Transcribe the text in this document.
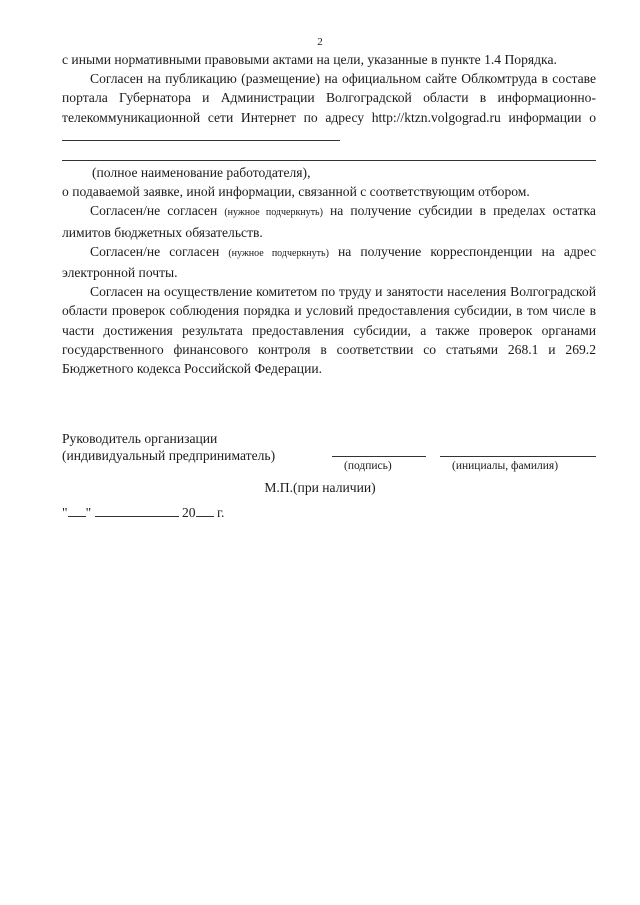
2

с иными нормативными правовыми актами на цели, указанные в пункте 1.4 Порядка.

Согласен на публикацию (размещение) на официальном сайте Облкомтруда в составе портала Губернатора и Администрации Волгоградской области в информационно-телекоммуникационной сети Интернет по адресу http://ktzn.volgograd.ru информации о

(полное наименование работодателя),

о подаваемой заявке, иной информации, связанной с соответствующим отбором.

Согласен/не согласен (нужное подчеркнуть) на получение субсидии в пределах остатка лимитов бюджетных обязательств.

Согласен/не согласен (нужное подчеркнуть) на получение корреспонденции на адрес электронной почты.

Согласен на осуществление комитетом по труду и занятости населения Волгоградской области проверок соблюдения порядка и условий предоставления субсидии, в том числе в части достижения результата предоставления субсидии, а также проверок органами государственного финансового контроля в соответствии со статьями 268.1 и 269.2 Бюджетного кодекса Российской Федерации.

Руководитель организации
(индивидуальный предприниматель)
(подпись)	(инициалы, фамилия)
М.П.(при наличии)
" "	20 г.
